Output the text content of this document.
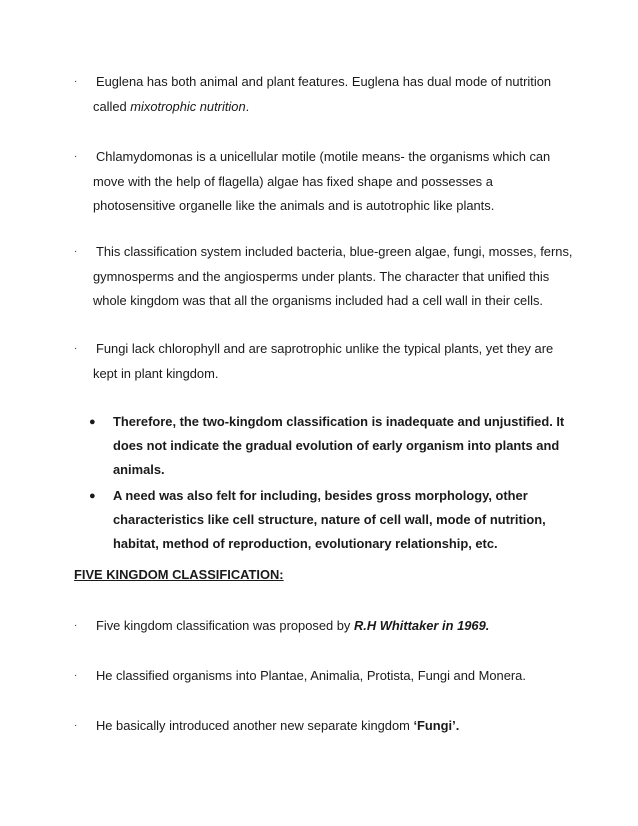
· Euglena has both animal and plant features. Euglena has dual mode of nutrition
called mixotrophic nutrition.
· Chlamydomonas is a unicellular motile (motile means- the organisms which can
move with the help of flagella) algae has fixed shape and possesses a
photosensitive organelle like the animals and is autotrophic like plants.
· This classification system included bacteria, blue-green algae, fungi, mosses, ferns,
gymnosperms and the angiosperms under plants. The character that unified this
whole kingdom was that all the organisms included had a cell wall in their cells.
· Fungi lack chlorophyll and are saprotrophic unlike the typical plants, yet they are
kept in plant kingdom.
● Therefore, the two-kingdom classification is inadequate and unjustified. It
does not indicate the gradual evolution of early organism into plants and
animals.
● A need was also felt for including, besides gross morphology, other
characteristics like cell structure, nature of cell wall, mode of nutrition,
habitat, method of reproduction, evolutionary relationship, etc.
FIVE KINGDOM CLASSIFICATION:
· Five kingdom classification was proposed by R.H Whittaker in 1969.
· He classified organisms into Plantae, Animalia, Protista, Fungi and Monera.
· He basically introduced another new separate kingdom ‘Fungi’.
